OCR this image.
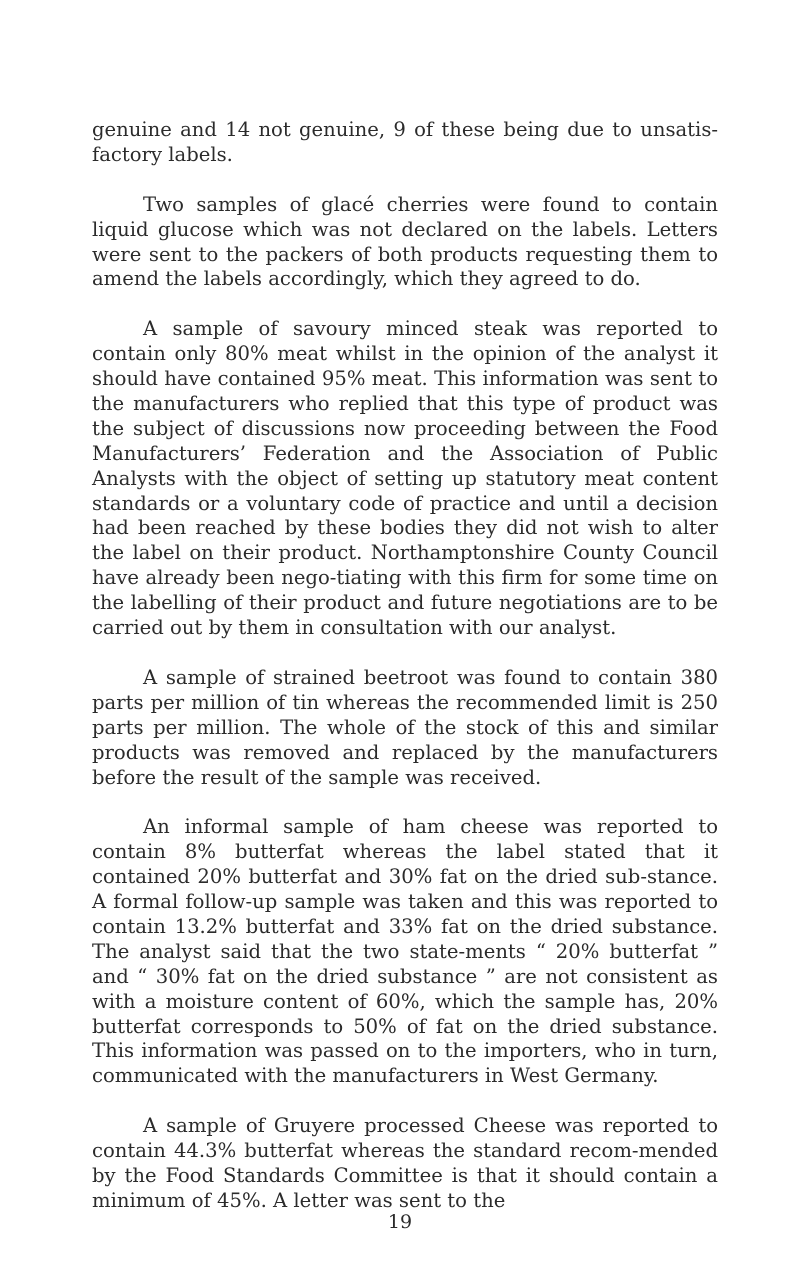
genuine and 14 not genuine, 9 of these being due to unsatis-factory labels.

Two samples of glacé cherries were found to contain liquid glucose which was not declared on the labels. Letters were sent to the packers of both products requesting them to amend the labels accordingly, which they agreed to do.

A sample of savoury minced steak was reported to contain only 80% meat whilst in the opinion of the analyst it should have contained 95% meat. This information was sent to the manufacturers who replied that this type of product was the subject of discussions now proceeding between the Food Manufacturers’ Federation and the Association of Public Analysts with the object of setting up statutory meat content standards or a voluntary code of practice and until a decision had been reached by these bodies they did not wish to alter the label on their product. Northamptonshire County Council have already been nego-tiating with this firm for some time on the labelling of their product and future negotiations are to be carried out by them in consultation with our analyst.

A sample of strained beetroot was found to contain 380 parts per million of tin whereas the recommended limit is 250 parts per million. The whole of the stock of this and similar products was removed and replaced by the manufacturers before the result of the sample was received.

An informal sample of ham cheese was reported to contain 8% butterfat whereas the label stated that it contained 20% butterfat and 30% fat on the dried sub-stance. A formal follow-up sample was taken and this was reported to contain 13.2% butterfat and 33% fat on the dried substance. The analyst said that the two state-ments “ 20% butterfat ” and “ 30% fat on the dried substance ” are not consistent as with a moisture content of 60%, which the sample has, 20% butterfat corresponds to 50% of fat on the dried substance. This information was passed on to the importers, who in turn, communicated with the manufacturers in West Germany.

A sample of Gruyere processed Cheese was reported to contain 44.3% butterfat whereas the standard recom-mended by the Food Standards Committee is that it should contain a minimum of 45%. A letter was sent to the

19
